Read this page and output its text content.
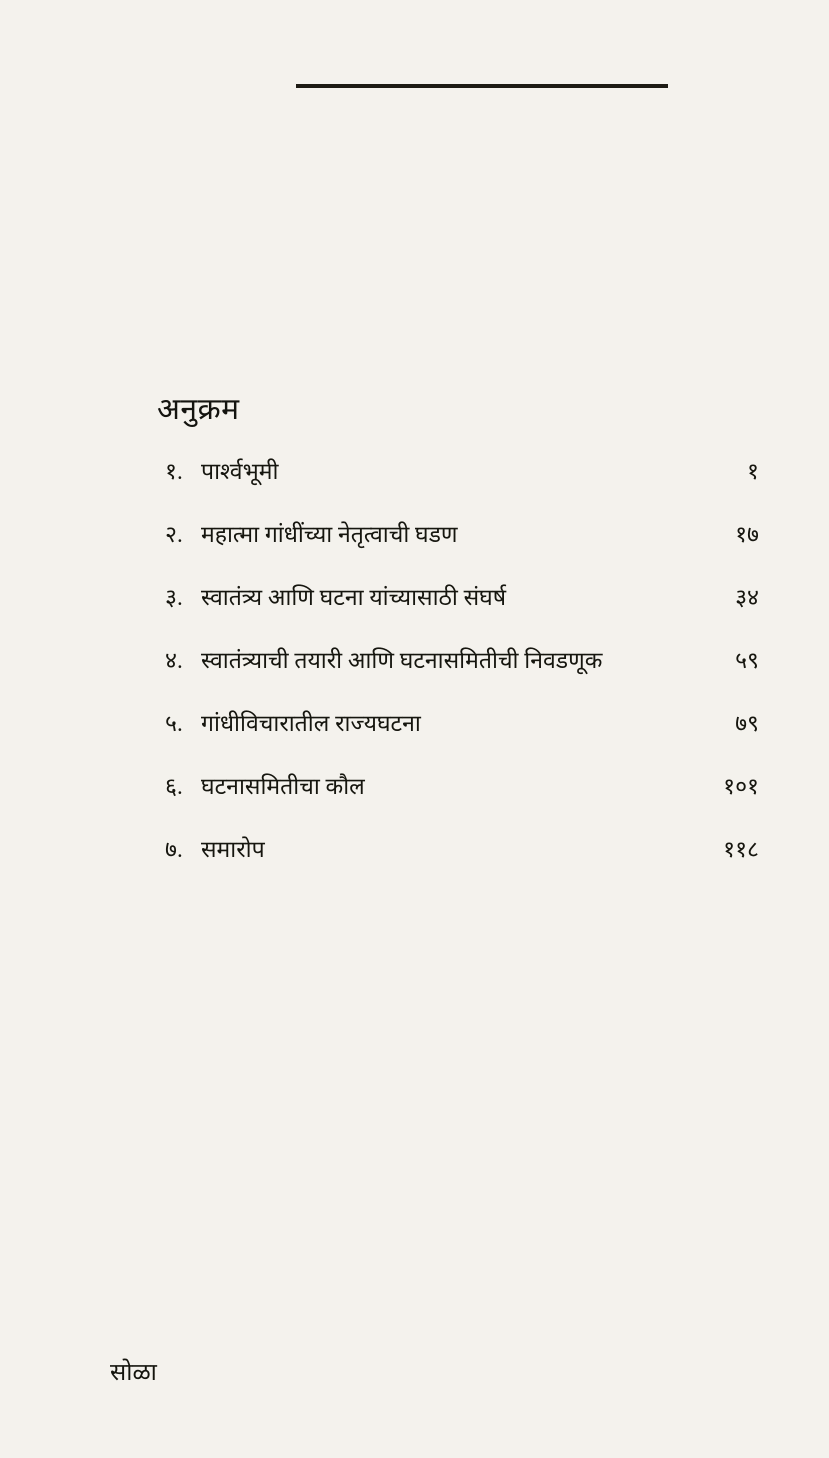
अनुक्रम
१. पार्श्वभूमी	१
२. महात्मा गांधींच्या नेतृत्वाची घडण	१७
३. स्वातंत्र्य आणि घटना यांच्यासाठी संघर्ष	३४
४. स्वातंत्र्याची तयारी आणि घटनासमितीची निवडणूक	५९
५. गांधीविचारातील राज्यघटना	७९
६. घटनासमितीचा कौल	१०१
७. समारोप	११८
सोळा
